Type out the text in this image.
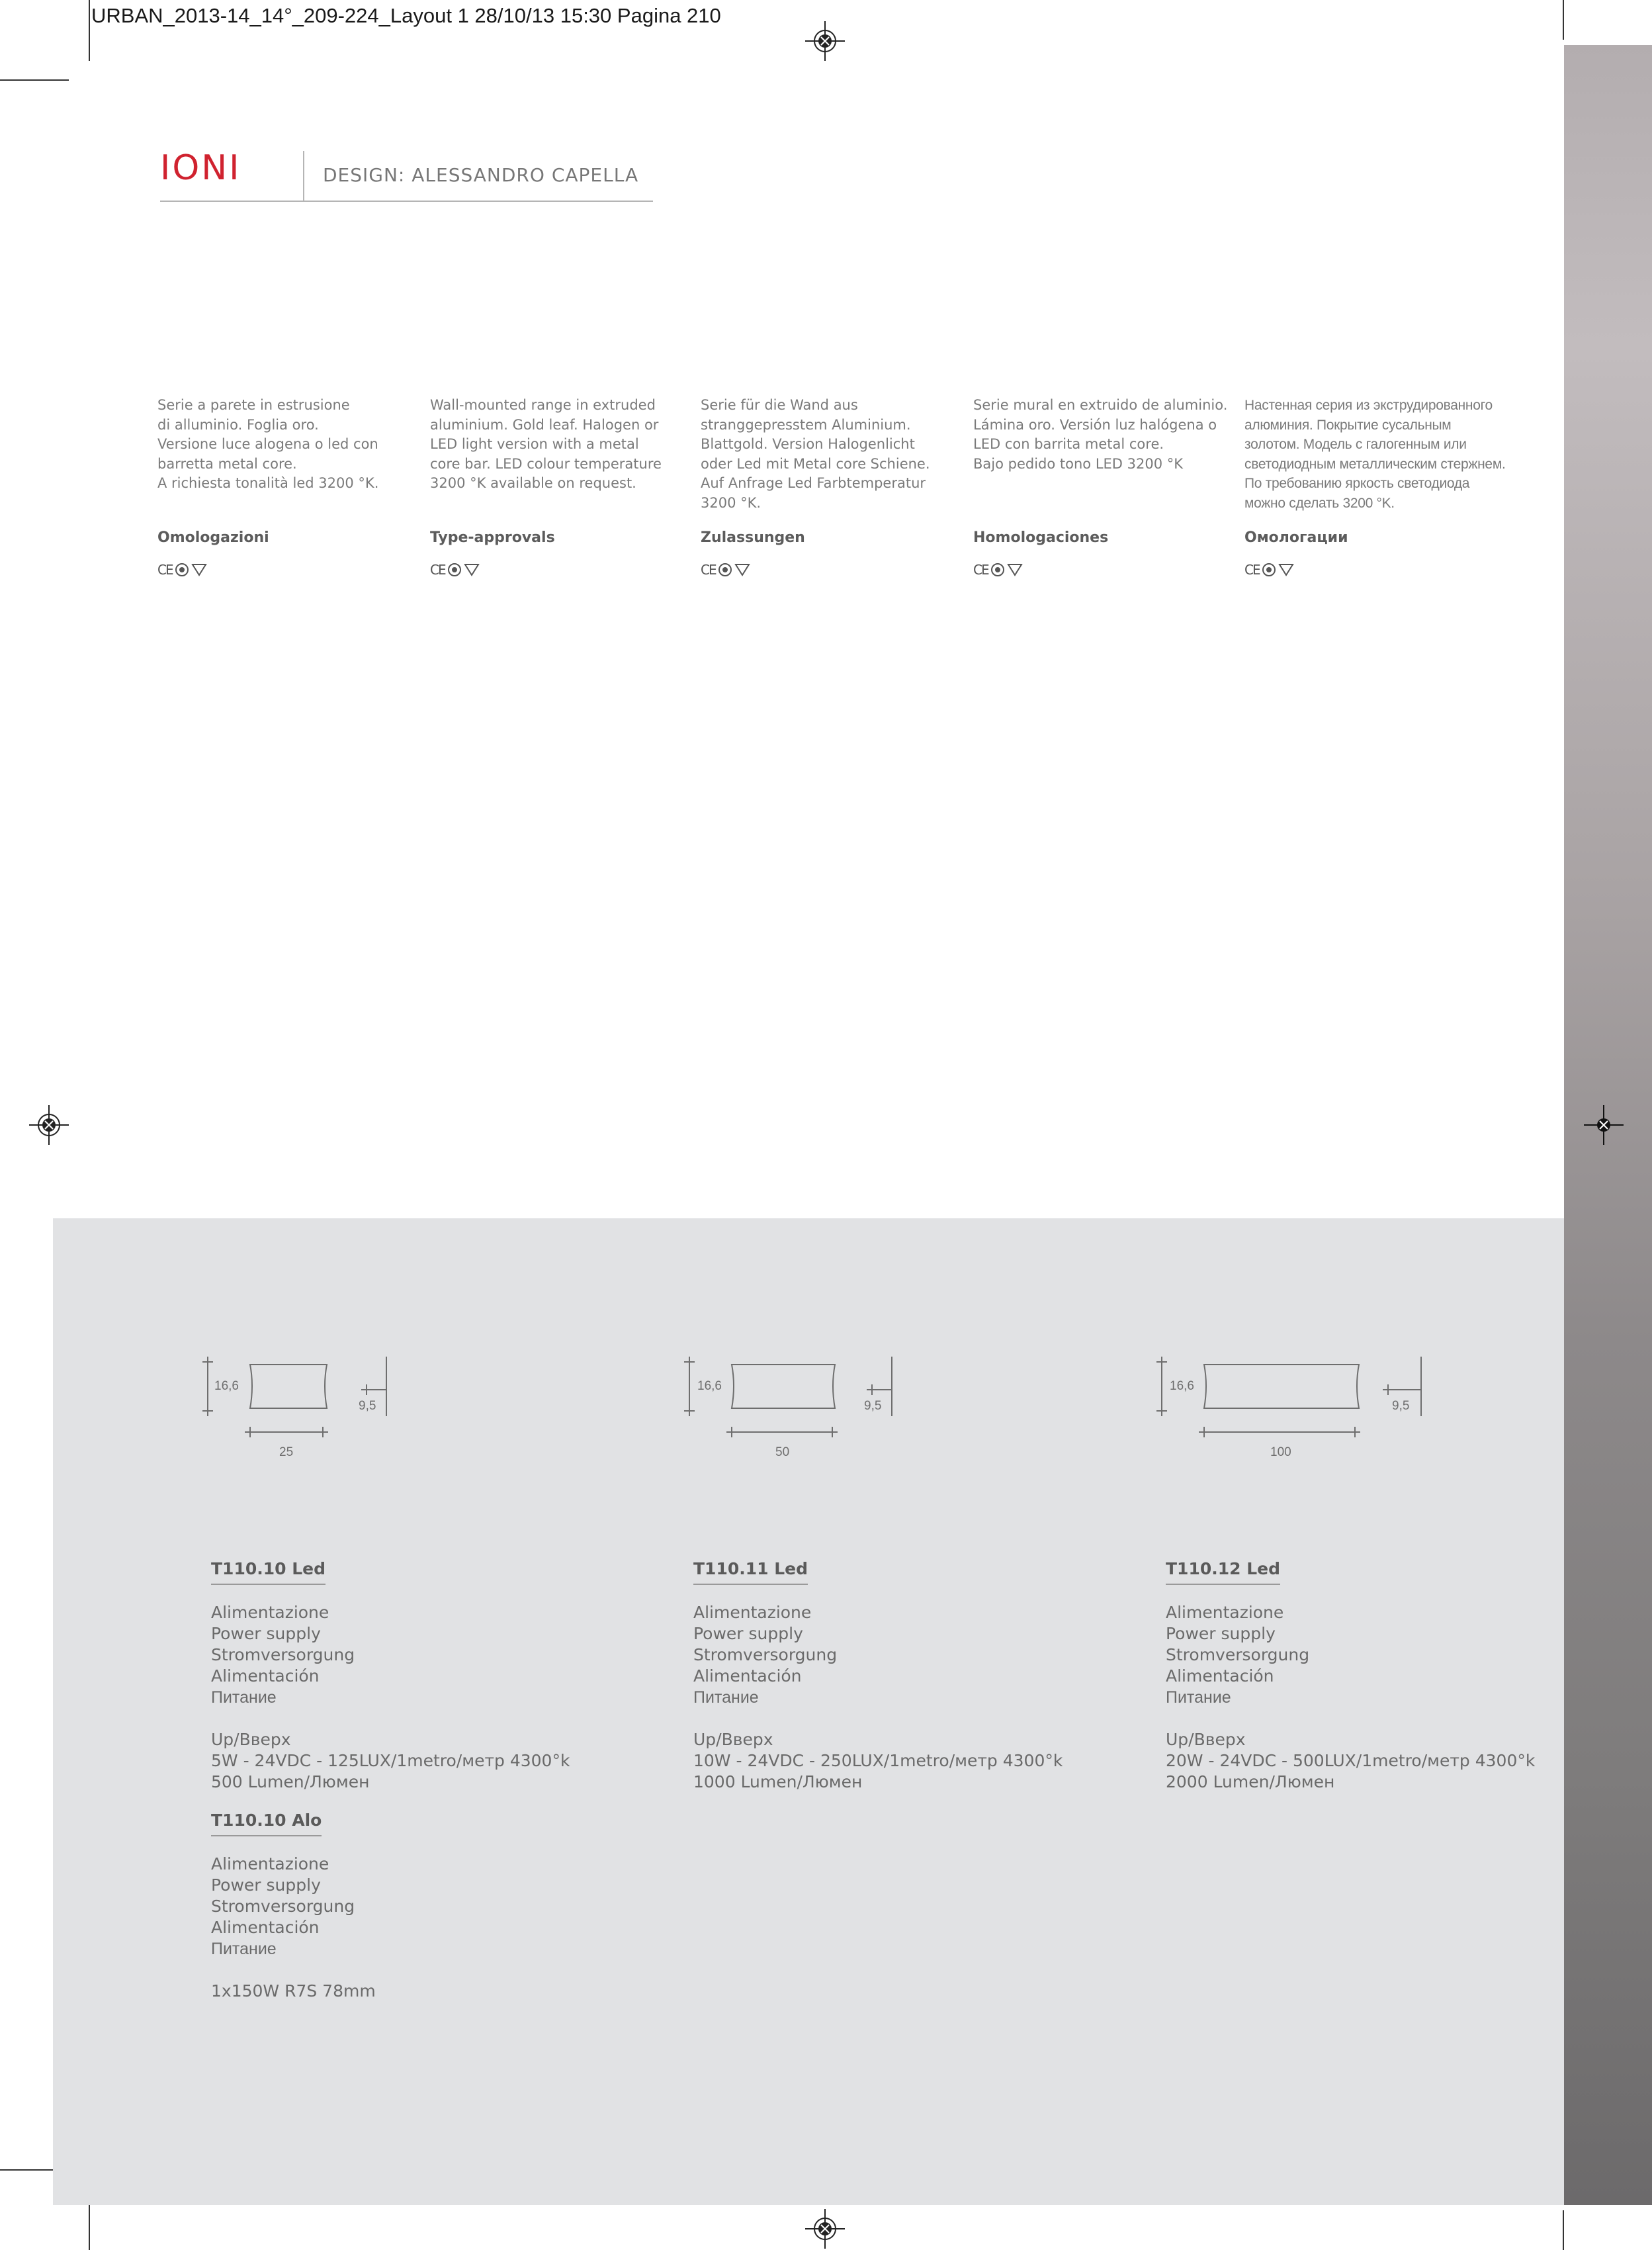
URBAN_2013-14_14°_209-224_Layout 1 28/10/13 15:30 Pagina 210
IONI	DESIGN: ALESSANDRO CAPELLA
Serie a parete in estrusione
di alluminio. Foglia oro.
Versione luce alogena o led con
barretta metal core.
A richiesta tonalità led 3200 °K.
Omologazioni
CE
Wall-mounted range in extruded
aluminium. Gold leaf. Halogen or
LED light version with a metal
core bar. LED colour temperature
3200 °K available on request.
Type-approvals
CE
Serie für die Wand aus
stranggepresstem Aluminium.
Blattgold. Version Halogenlicht
oder Led mit Metal core Schiene.
Auf Anfrage Led Farbtemperatur
3200 °K.
Zulassungen
CE
Serie mural en extruido de aluminio.
Lámina oro. Versión luz halógena o
LED con barrita metal core.
Bajo pedido tono LED 3200 °K
Homologaciones
CE
Настенная серия из экструдированного
алюминия. Покрытие сусальным
золотом. Модель с галогенным или
светодиодным металлическим стержнем.
По требованию яркость светодиода
можно сделать 3200 °K.
Омологации
CE
16,6
9,5
25
16,6
9,5
50
16,6
9,5
100
T110.10 Led
Alimentazione
Power supply
Stromversorgung
Alimentación
Питание
Up/Вверх
5W - 24VDC - 125LUX/1metro/метр 4300°k
500 Lumen/Люмен
T110.10 Alo
Alimentazione
Power supply
Stromversorgung
Alimentación
Питание
1x150W R7S 78mm
T110.11 Led
Alimentazione
Power supply
Stromversorgung
Alimentación
Питание
Up/Вверх
10W - 24VDC - 250LUX/1metro/метр 4300°k
1000 Lumen/Люмен
T110.12 Led
Alimentazione
Power supply
Stromversorgung
Alimentación
Питание
Up/Вверх
20W - 24VDC - 500LUX/1metro/метр 4300°k
2000 Lumen/Люмен
